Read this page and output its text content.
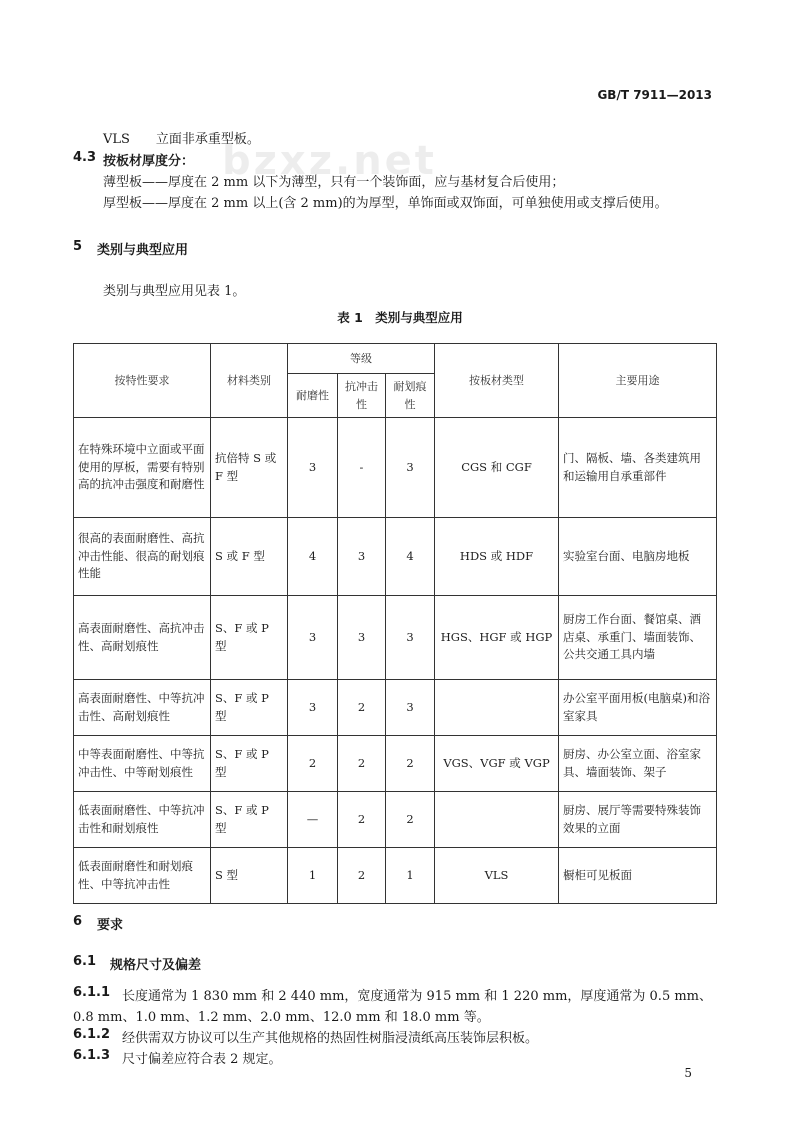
GB/T 7911—2013
bzxz.net
VLS　　立面非承重型板。
4.3 按板材厚度分：
薄型板——厚度在 2 mm 以下为薄型，只有一个装饰面，应与基材复合后使用；
厚型板——厚度在 2 mm 以上(含 2 mm)的为厚型，单饰面或双饰面，可单独使用或支撑后使用。
5 类别与典型应用
类别与典型应用见表 1。
表 1　类别与典型应用
按特性要求	材料类别	等级			按板材类型	主要用途
		耐磨性	抗冲击性	耐划痕性		
在特殊环境中立面或平面使用的厚板，需要有特别高的抗冲击强度和耐磨性	抗倍特 S 或 F 型	3	-	3	CGS 和 CGF	门、隔板、墙、各类建筑用和运输用自承重部件
很高的表面耐磨性、高抗冲击性能、很高的耐划痕性能	S 或 F 型	4	3	4	HDS 或 HDF	实验室台面、电脑房地板
高表面耐磨性、高抗冲击性、高耐划痕性	S、F 或 P 型	3	3	3	HGS、HGF 或 HGP	厨房工作台面、餐馆桌、酒店桌、承重门、墙面装饰、公共交通工具内墙
高表面耐磨性、中等抗冲击性、高耐划痕性	S、F 或 P 型	3	2	3		办公室平面用板(电脑桌)和浴室家具
中等表面耐磨性、中等抗冲击性、中等耐划痕性	S、F 或 P 型	2	2	2	VGS、VGF 或 VGP	厨房、办公室立面、浴室家具、墙面装饰、架子
低表面耐磨性、中等抗冲击性和耐划痕性	S、F 或 P 型	—	2	2		厨房、展厅等需要特殊装饰效果的立面
低表面耐磨性和耐划痕性、中等抗冲击性	S 型	1	2	1	VLS	橱柜可见板面
6 要求
6.1 规格尺寸及偏差
6.1.1 长度通常为 1 830 mm 和 2 440 mm，宽度通常为 915 mm 和 1 220 mm，厚度通常为 0.5 mm、
0.8 mm、1.0 mm、1.2 mm、2.0 mm、12.0 mm 和 18.0 mm 等。
6.1.2 经供需双方协议可以生产其他规格的热固性树脂浸渍纸高压装饰层积板。
6.1.3 尺寸偏差应符合表 2 规定。
5
